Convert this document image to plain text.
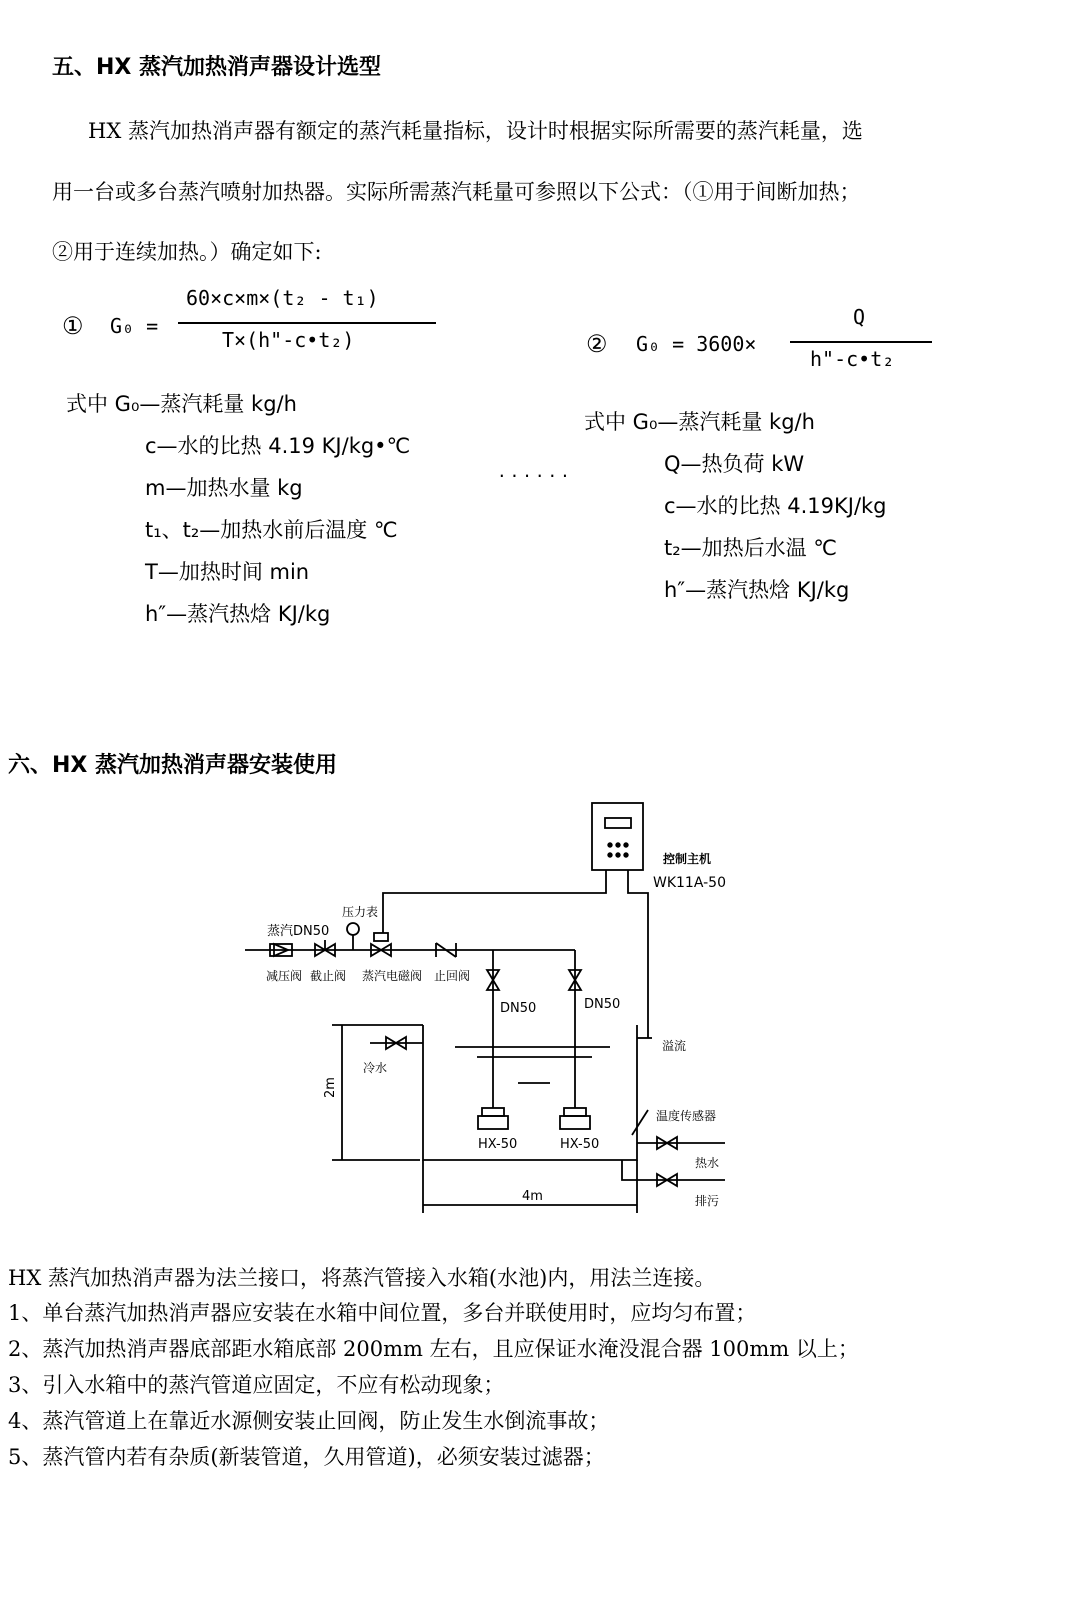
五、HX 蒸汽加热消声器设计选型
HX 蒸汽加热消声器有额定的蒸汽耗量指标，设计时根据实际所需要的蒸汽耗量，选
用一台或多台蒸汽喷射加热器。实际所需蒸汽耗量可参照以下公式：（①用于间断加热；
②用于连续加热。）确定如下:
① G₀ =
60×c×m×(t₂ - t₁)
T×(h"-c•t₂)
式中 G₀—蒸汽耗量 kg/h
c—水的比热 4.19 KJ/kg•℃
m—加热水量 kg
t₁、t₂—加热水前后温度 ℃
T—加热时间 min
h″—蒸汽热焓 KJ/kg
......
② G₀ = 3600×
Q
h"-c•t₂
式中 G₀—蒸汽耗量 kg/h
Q—热负荷 kW
c—水的比热 4.19KJ/kg
t₂—加热后水温 ℃
h″—蒸汽热焓 KJ/kg
六、HX 蒸汽加热消声器安装使用
控制主机
WK11A-50
蒸汽DN50
压力表
减压阀 截止阀 蒸汽电磁阀 止回阀
DN50	DN50
溢流
冷水
温度传感器
热水
排污
HX-50	HX-50
2m
4m
HX 蒸汽加热消声器为法兰接口，将蒸汽管接入水箱(水池)内，用法兰连接。
1、单台蒸汽加热消声器应安装在水箱中间位置，多台并联使用时，应均匀布置；
2、蒸汽加热消声器底部距水箱底部 200mm 左右，且应保证水淹没混合器 100mm 以上；
3、引入水箱中的蒸汽管道应固定，不应有松动现象；
4、蒸汽管道上在靠近水源侧安装止回阀，防止发生水倒流事故；
5、蒸汽管内若有杂质(新装管道，久用管道)，必须安装过滤器；
